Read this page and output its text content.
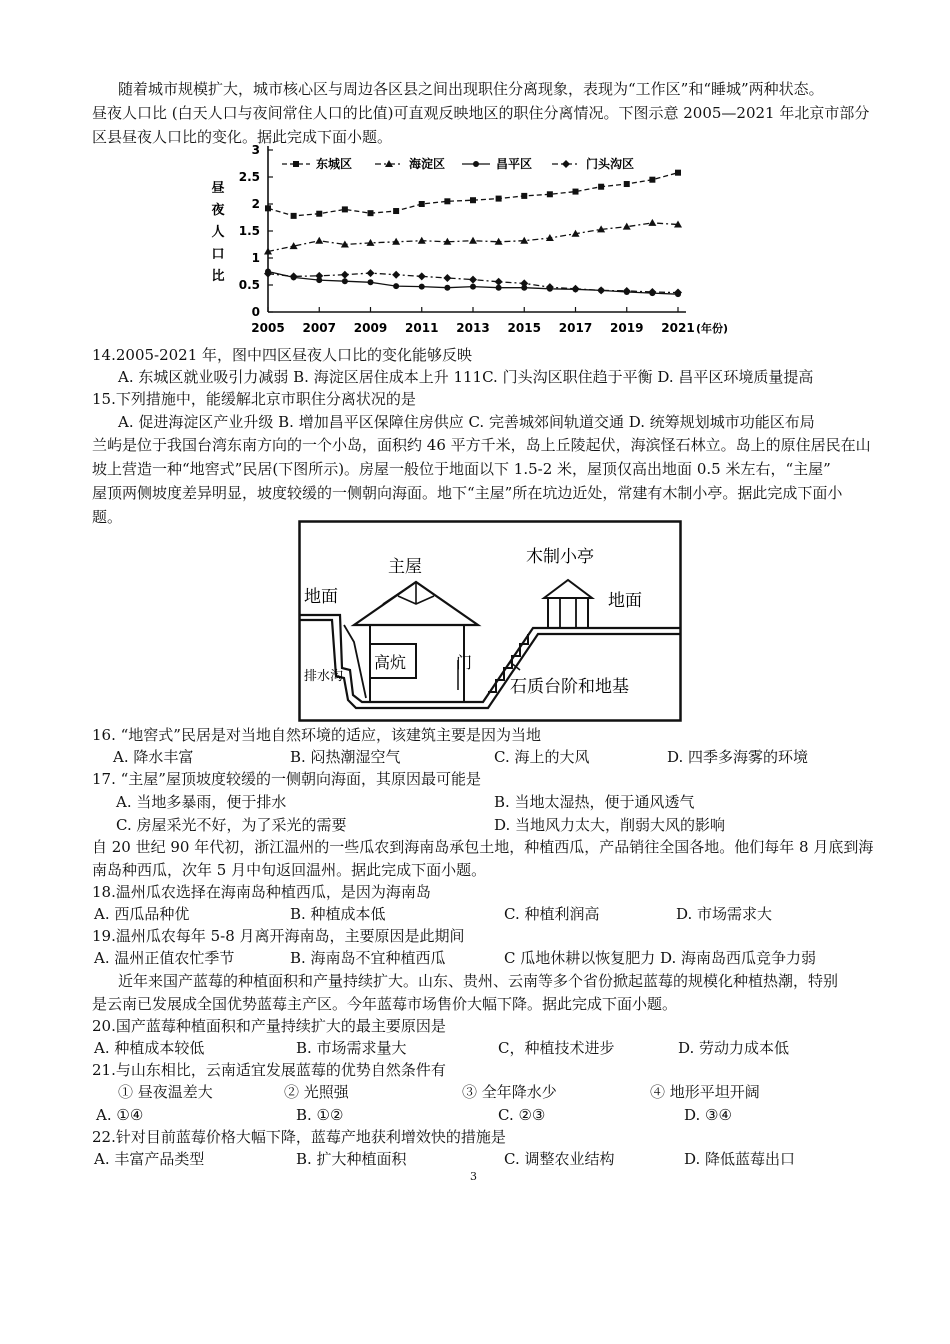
随着城市规模扩大，城市核心区与周边各区县之间出现职住分离现象，表现为“工作区”和“睡城”两种状态。
昼夜人口比 (白天人口与夜间常住人口的比值)可直观反映地区的职住分离情况。下图示意 2005—2021 年北京市部分
区县昼夜人口比的变化。据此完成下面小题。
0
0.5
1
1.5
2
2.5
3
2005 2007 2009 2011 2013 2015 2017 2019 2021 (年份)
昼
夜
人
口
比
东城区	海淀区	昌平区	门头沟区
14.2005-2021 年，图中四区昼夜人口比的变化能够反映
A. 东城区就业吸引力减弱 B. 海淀区居住成本上升 111C. 门头沟区职住趋于平衡 D. 昌平区环境质量提高
15.下列措施中，能缓解北京市职住分离状况的是
A. 促进海淀区产业升级 B. 增加昌平区保障住房供应 C. 完善城郊间轨道交通 D. 统筹规划城市功能区布局
兰屿是位于我国台湾东南方向的一个小岛，面积约 46 平方千米，岛上丘陵起伏，海滨怪石林立。岛上的原住居民在山
坡上营造一种“地窖式”民居(下图所示)。房屋一般位于地面以下 1.5-2 米，屋顶仅高出地面 0.5 米左右，“主屋”
屋顶两侧坡度差异明显，坡度较缓的一侧朝向海面。地下“主屋”所在坑边近处，常建有木制小亭。据此完成下面小
题。
地面
主屋	木制小亭
地面
高炕	门
排水沟
石质台阶和地基
16. “地窖式”民居是对当地自然环境的适应，该建筑主要是因为当地
A. 降水丰富	B. 闷热潮湿空气	C. 海上的大风	D. 四季多海雾的环境
17. “主屋”屋顶坡度较缓的一侧朝向海面，其原因最可能是
A. 当地多暴雨，便于排水	B. 当地太湿热，便于通风透气
C. 房屋采光不好，为了采光的需要	D. 当地风力太大，削弱大风的影响
自 20 世纪 90 年代初，浙江温州的一些瓜农到海南岛承包土地，种植西瓜，产品销往全国各地。他们每年 8 月底到海
南岛种西瓜，次年 5 月中旬返回温州。据此完成下面小题。
18.温州瓜农选择在海南岛种植西瓜，是因为海南岛
A. 西瓜品种优	B. 种植成本低	C. 种植利润高	D. 市场需求大
19.温州瓜农每年 5-8 月离开海南岛，主要原因是此期间
A. 温州正值农忙季节	B. 海南岛不宜种植西瓜	C 瓜地休耕以恢复肥力 D. 海南岛西瓜竞争力弱
近年来国产蓝莓的种植面积和产量持续扩大。山东、贵州、云南等多个省份掀起蓝莓的规模化种植热潮，特别
是云南已发展成全国优势蓝莓主产区。今年蓝莓市场售价大幅下降。据此完成下面小题。
20.国产蓝莓种植面积和产量持续扩大的最主要原因是
A. 种植成本较低	B. 市场需求量大	C，种植技术进步	D. 劳动力成本低
21.与山东相比，云南适宜发展蓝莓的优势自然条件有
① 昼夜温差大	② 光照强	③ 全年降水少	④ 地形平坦开阔
A. ①④	B. ①②	C. ②③	D. ③④
22.针对目前蓝莓价格大幅下降，蓝莓产地获利增效快的措施是
A. 丰富产品类型	B. 扩大种植面积	C. 调整农业结构	D. 降低蓝莓出口
3
